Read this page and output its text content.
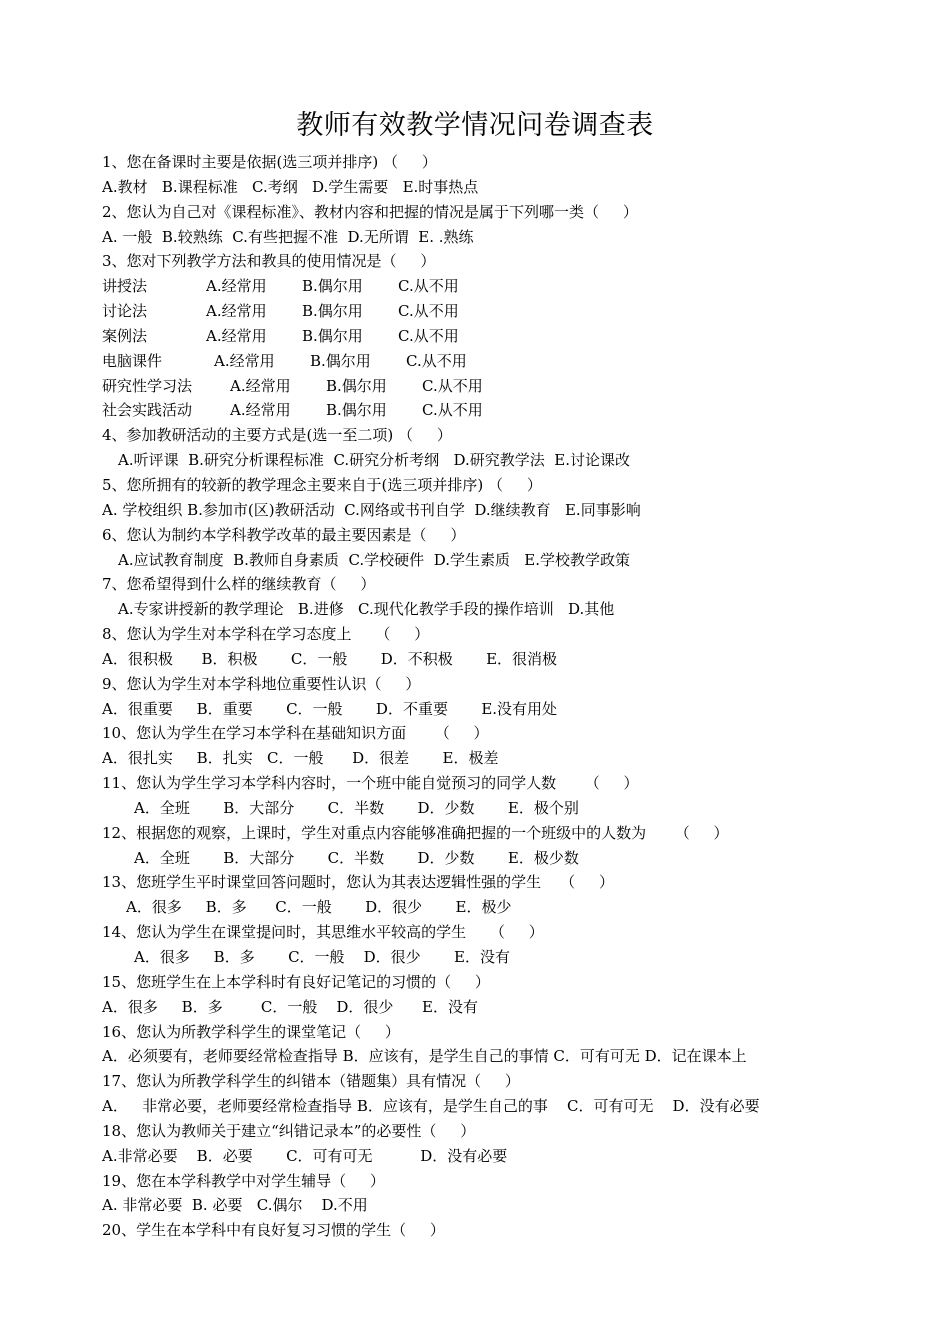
教师有效教学情况问卷调查表
1、您在备课时主要是依据(选三项并排序) （     ）
A.教材   B.课程标准   C.考纲   D.学生需要   E.时事热点
2、您认为自己对《课程标准》、教材内容和把握的情况是属于下列哪一类（     ）
A. 一般  B.较熟练  C.有些把握不准  D.无所谓  E. .熟练
3、您对下列教学方法和教具的使用情况是（     ）
讲授法	A.经常用	B.偶尔用	C.从不用
讨论法	A.经常用	B.偶尔用	C.从不用
案例法	A.经常用	B.偶尔用	C.从不用
电脑课件	A.经常用	B.偶尔用	C.从不用
研究性学习法	A.经常用	B.偶尔用	C.从不用
社会实践活动	A.经常用	B.偶尔用	C.从不用
4、参加教研活动的主要方式是(选一至二项) （     ）
A.听评课  B.研究分析课程标准  C.研究分析考纲   D.研究教学法  E.讨论课改
5、您所拥有的较新的教学理念主要来自于(选三项并排序) （     ）
A. 学校组织 B.参加市(区)教研活动  C.网络或书刊自学  D.继续教育   E.同事影响
6、您认为制约本学科教学改革的最主要因素是（     ）
A.应试教育制度  B.教师自身素质  C.学校硬件  D.学生素质   E.学校教学政策
7、您希望得到什么样的继续教育（     ）
A.专家讲授新的教学理论   B.进修   C.现代化教学手段的操作培训   D.其他
8、您认为学生对本学科在学习态度上     （     ）
A．很积极      B．积极       C．一般       D．不积极       E．很消极
9、您认为学生对本学科地位重要性认识（     ）
A．很重要     B．重要       C．一般       D．不重要       E.没有用处
10、您认为学生在学习本学科在基础知识方面      （     ）
A．很扎实     B．扎实   C．一般      D．很差       E．极差
11、您认为学生学习本学科内容时，一个班中能自觉预习的同学人数      （     ）
A．全班       B．大部分       C．半数       D．少数       E．极个别
12、根据您的观察，上课时，学生对重点内容能够准确把握的一个班级中的人数为      （     ）
A．全班       B．大部分       C．半数       D．少数       E．极少数
13、您班学生平时课堂回答问题时，您认为其表达逻辑性强的学生    （     ）
A．很多     B．多      C．一般       D．很少       E．极少
14、您认为学生在课堂提问时，其思维水平较高的学生     （     ）
A．很多     B．多       C．一般    D．很少       E．没有
15、您班学生在上本学科时有良好记笔记的习惯的（     ）
A．很多     B．多        C．一般    D．很少      E．没有
16、您认为所教学科学生的课堂笔记（     ）
A．必须要有，老师要经常检查指导 B．应该有，是学生自己的事情 C．可有可无 D．记在课本上
17、您认为所教学科学生的纠错本（错题集）具有情况（     ）
A．   非常必要，老师要经常检查指导 B．应该有，是学生自己的事    C．可有可无    D．没有必要
18、您认为教师关于建立“纠错记录本”的必要性（     ）
A.非常必要    B．必要       C．可有可无          D．没有必要
19、您在本学科教学中对学生辅导（     ）
A. 非常必要  B. 必要   C.偶尔    D.不用
20、学生在本学科中有良好复习习惯的学生（     ）
